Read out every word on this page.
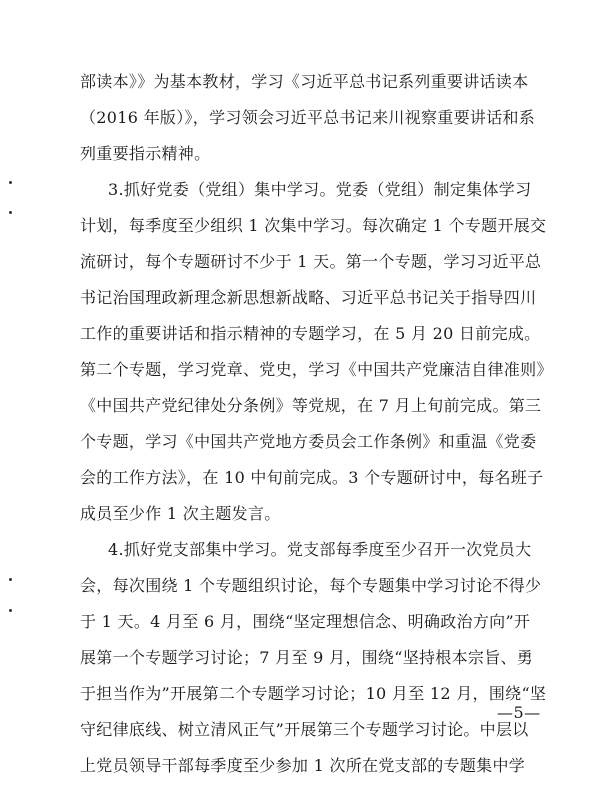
部读本》》为基本教材，学习《习近平总书记系列重要讲话读本
（2016 年版）》，学习领会习近平总书记来川视察重要讲话和系
列重要指示精神。
3.抓好党委（党组）集中学习。党委（党组）制定集体学习
计划，每季度至少组织 1 次集中学习。每次确定 1 个专题开展交
流研讨，每个专题研讨不少于 1 天。第一个专题，学习习近平总
书记治国理政新理念新思想新战略、习近平总书记关于指导四川
工作的重要讲话和指示精神的专题学习，在 5 月 20 日前完成。
第二个专题，学习党章、党史，学习《中国共产党廉洁自律准则》
《中国共产党纪律处分条例》等党规，在 7 月上旬前完成。第三
个专题，学习《中国共产党地方委员会工作条例》和重温《党委
会的工作方法》，在 10 中旬前完成。3 个专题研讨中，每名班子
成员至少作 1 次主题发言。
4.抓好党支部集中学习。党支部每季度至少召开一次党员大
会，每次围绕 1 个专题组织讨论，每个专题集中学习讨论不得少
于 1 天。4 月至 6 月，围绕“坚定理想信念、明确政治方向”开
展第一个专题学习讨论；7 月至 9 月，围绕“坚持根本宗旨、勇
于担当作为”开展第二个专题学习讨论；10 月至 12 月，围绕“坚
守纪律底线、树立清风正气”开展第三个专题学习讨论。中层以
上党员领导干部每季度至少参加 1 次所在党支部的专题集中学
—5—
